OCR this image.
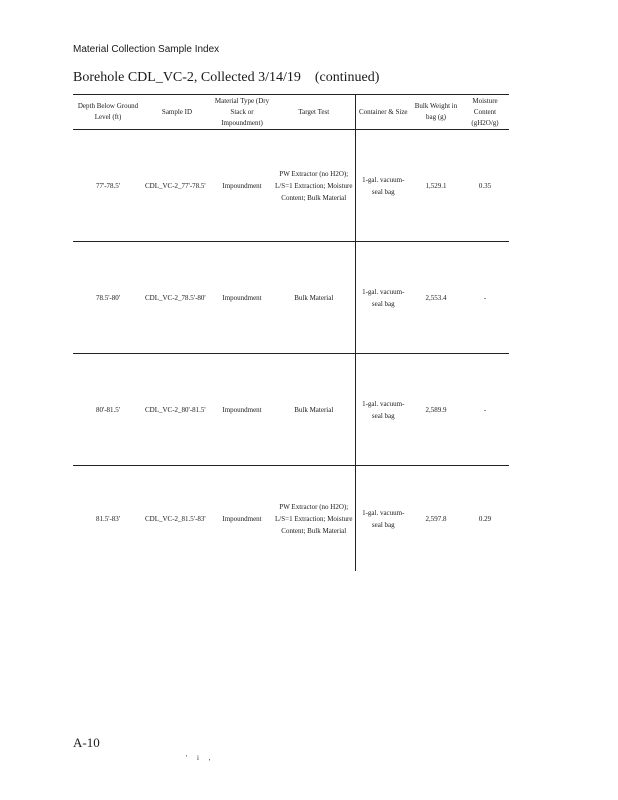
Material Collection Sample Index
Borehole CDL_VC-2, Collected 3/14/19 (continued)
Depth Below Ground Level (ft)	Sample ID	Material Type (Dry Stack or Impoundment)	Target Test	Container & Size	Bulk Weight in bag (g)	Moisture Content (gH2O/g)
77'-78.5'	CDL_VC-2_77'-78.5'	Impoundment	PW Extractor (no H2O); L/S=1 Extraction; Moisture Content; Bulk Material	1-gal. vacuum-seal bag	1,529.1	0.35
78.5'-80'	CDL_VC-2_78.5'-80'	Impoundment	Bulk Material	1-gal. vacuum-seal bag	2,553.4	-
80'-81.5'	CDL_VC-2_80'-81.5'	Impoundment	Bulk Material	1-gal. vacuum-seal bag	2,589.9	-
81.5'-83'	CDL_VC-2_81.5'-83'	Impoundment	PW Extractor (no H2O); L/S=1 Extraction; Moisture Content; Bulk Material	1-gal. vacuum-seal bag	2,597.8	0.29
A-10
' i ,
